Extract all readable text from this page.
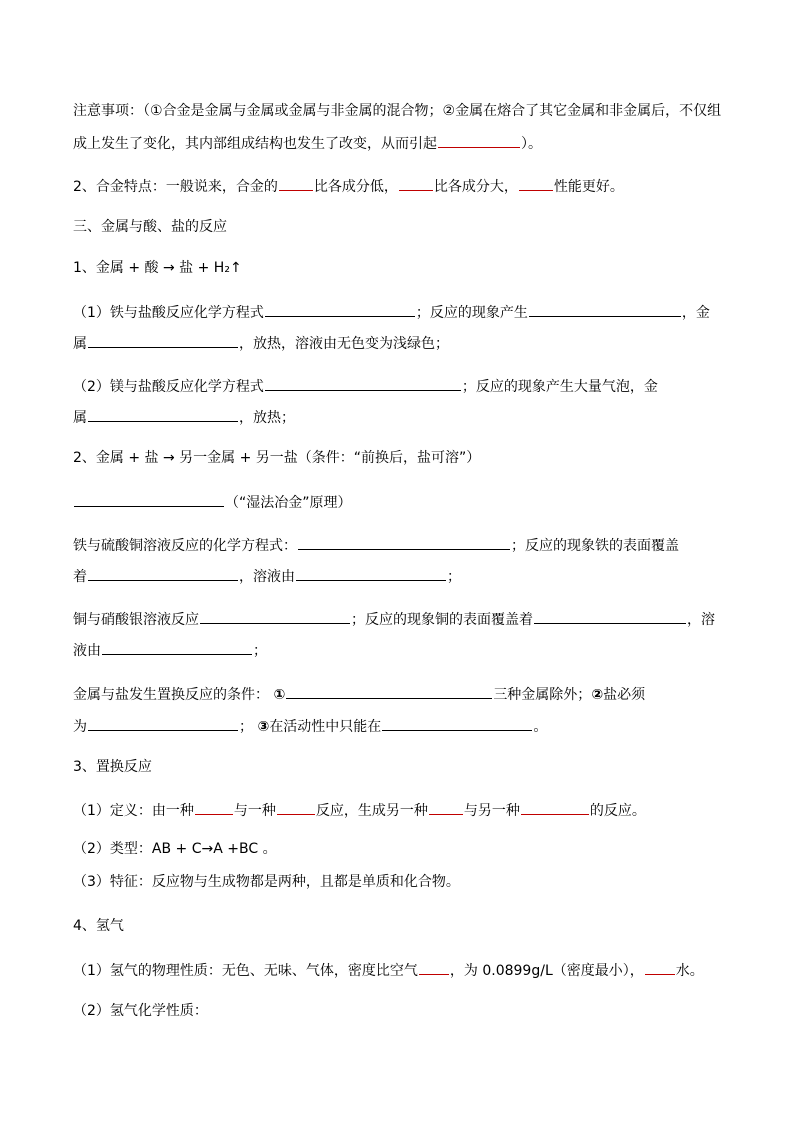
注意事项：（①合金是金属与金属或金属与非金属的混合物；②金属在熔合了其它金属和非金属后，不仅组
成上发生了变化，其内部组成结构也发生了改变，从而引起	）。
2、合金特点：一般说来，合金的	比各成分低，	比各成分大，	性能更好。
三、金属与酸、盐的反应
1、金属 + 酸 → 盐 + H₂↑
（1）铁与盐酸反应化学方程式	；反应的现象产生	，金
属	，放热，溶液由无色变为浅绿色；
（2）镁与盐酸反应化学方程式	；反应的现象产生大量气泡，金
属	，放热；
2、金属 + 盐 → 另一金属 + 另一盐（条件：“前换后，盐可溶”）
（“湿法冶金”原理）
铁与硫酸铜溶液反应的化学方程式：	；反应的现象铁的表面覆盖
着	，溶液由	；
铜与硝酸银溶液反应	；反应的现象铜的表面覆盖着	，溶
液由	；
金属与盐发生置换反应的条件： ①	三种金属除外；②盐必须
为	； ③在活动性中只能在	。
3、置换反应
（1）定义：由一种	与一种	反应，生成另一种	与另一种	的反应。
（2）类型：AB + C→A +BC 。
（3）特征：反应物与生成物都是两种，且都是单质和化合物。
4、氢气
（1）氢气的物理性质：无色、无味、气体，密度比空气 ，为 0.0899g/L（密度最小）， 水。
（2）氢气化学性质：
